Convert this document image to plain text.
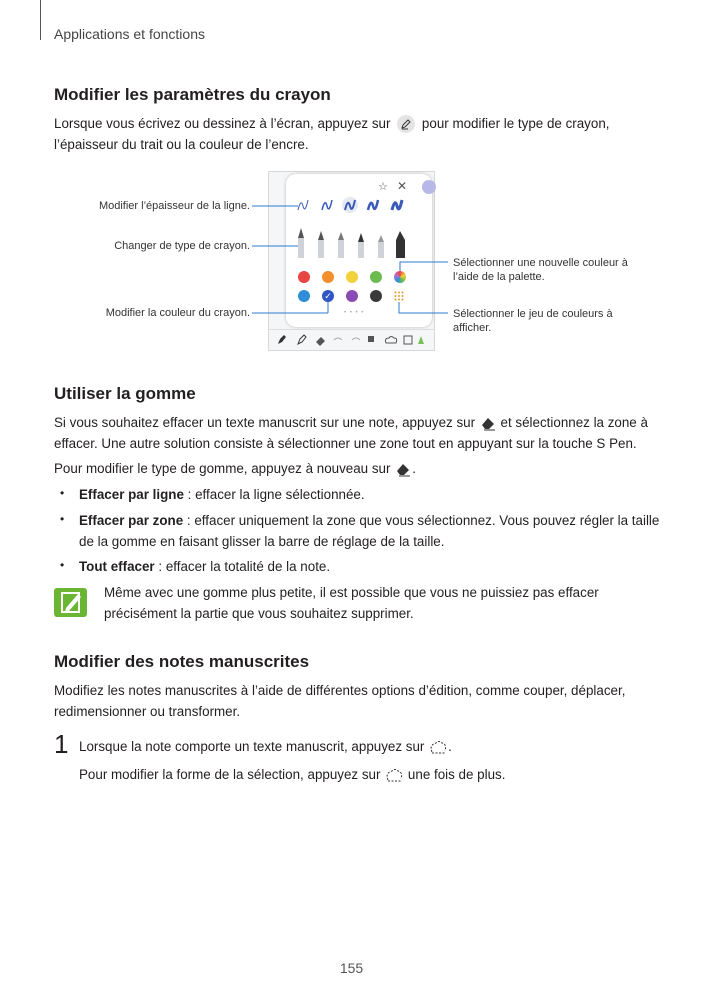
Applications et fonctions
Modifier les paramètres du crayon

Lorsque vous écrivez ou dessinez à l’écran, appuyez sur pour modifier le type de crayon,
l’épaisseur du trait ou la couleur de l’encre.

☆ ✕
✓
• • • •
Modifier l’épaisseur de la ligne.
Changer de type de crayon.
Modifier la couleur du crayon.
Sélectionner une nouvelle couleur à
l’aide de la palette.
Sélectionner le jeu de couleurs à
afficher.
Utiliser la gomme

Si vous souhaitez effacer un texte manuscrit sur une note, appuyez sur et sélectionnez la zone à
effacer. Une autre solution consiste à sélectionner une zone tout en appuyant sur la touche S Pen.

Pour modifier le type de gomme, appuyez à nouveau sur .

• Effacer par ligne : effacer la ligne sélectionnée.

• Effacer par zone : effacer uniquement la zone que vous sélectionnez. Vous pouvez régler la taille
de la gomme en faisant glisser la barre de réglage de la taille.

• Tout effacer : effacer la totalité de la note.

Même avec une gomme plus petite, il est possible que vous ne puissiez pas effacer
précisément la partie que vous souhaitez supprimer.

Modifier des notes manuscrites

Modifiez les notes manuscrites à l’aide de différentes options d’édition, comme couper, déplacer,
redimensionner ou transformer.

1 Lorsque la note comporte un texte manuscrit, appuyez sur .

Pour modifier la forme de la sélection, appuyez sur une fois de plus.

155
